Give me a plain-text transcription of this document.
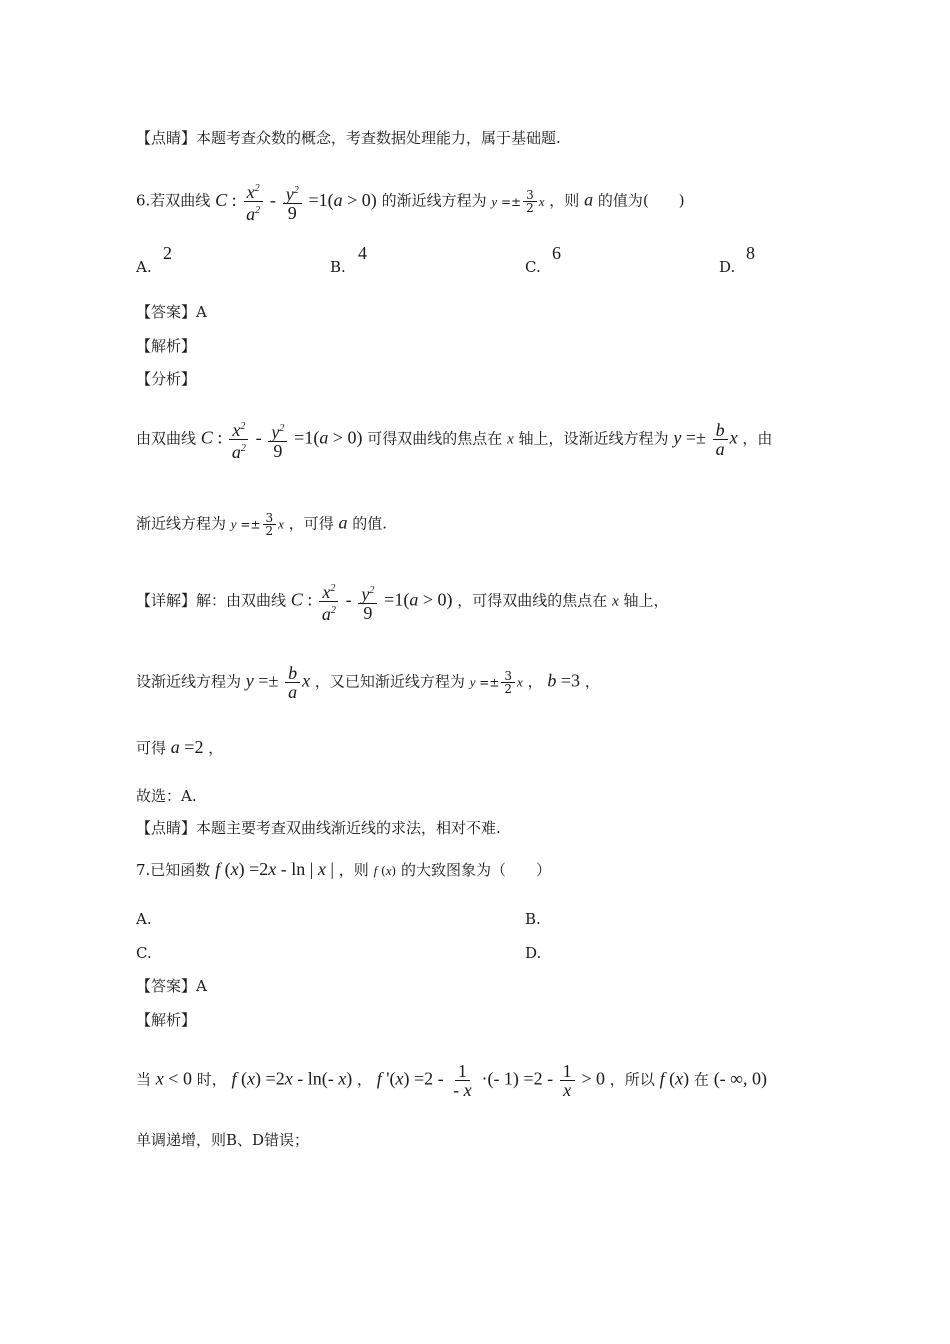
【点睛】本题考查众数的概念，考查数据处理能力，属于基础题.
6.若双曲线 C : $\frac{x^2}{a^2} - \frac{y^2}{9} =1(a > 0)$ 的渐近线方程为 $y =\pm \frac{3}{2}$ x ，则 a 的值为(　　)
A.
2
B.
4
C.
6
D.
8
【答案】A
【解析】
【分析】
由双曲线 C : $\frac{x^2}{a^2} - \frac{y^2}{9} =1(a > 0)$ 可得双曲线的焦点在 x 轴上，设渐近线方程为 $y =\pm \frac{b}{a}$ x ，由
渐近线方程为 $y =\pm \frac{3}{2}$ x ，可得 a 的值.
【详解】解：由双曲线 C : $\frac{x^2}{a^2} - \frac{y^2}{9} =1(a > 0)$ ，可得双曲线的焦点在 x 轴上，
设渐近线方程为 $y =\pm \frac{b}{a}$ x ，又已知渐近线方程为 $y =\pm \frac{3}{2}$ x ， b =3 ，
可得 a =2 ，
故选：A.
【点睛】本题主要考查双曲线渐近线的求法，相对不难.
7.已知函数 f (x) =2x - ln | x | ，则 f (x) 的大致图象为（　　）
A.	B.
C.	D.
【答案】A
【解析】
当 x < 0 时， f (x) =2x - ln(- x) ， f '$(x) =2 - \frac{1}{- x}$ ·(- $1) =2 - \frac{1}{x} > 0$ ，所以 f (x) 在 (- ∞, 0)
单调递增，则B、D错误；
